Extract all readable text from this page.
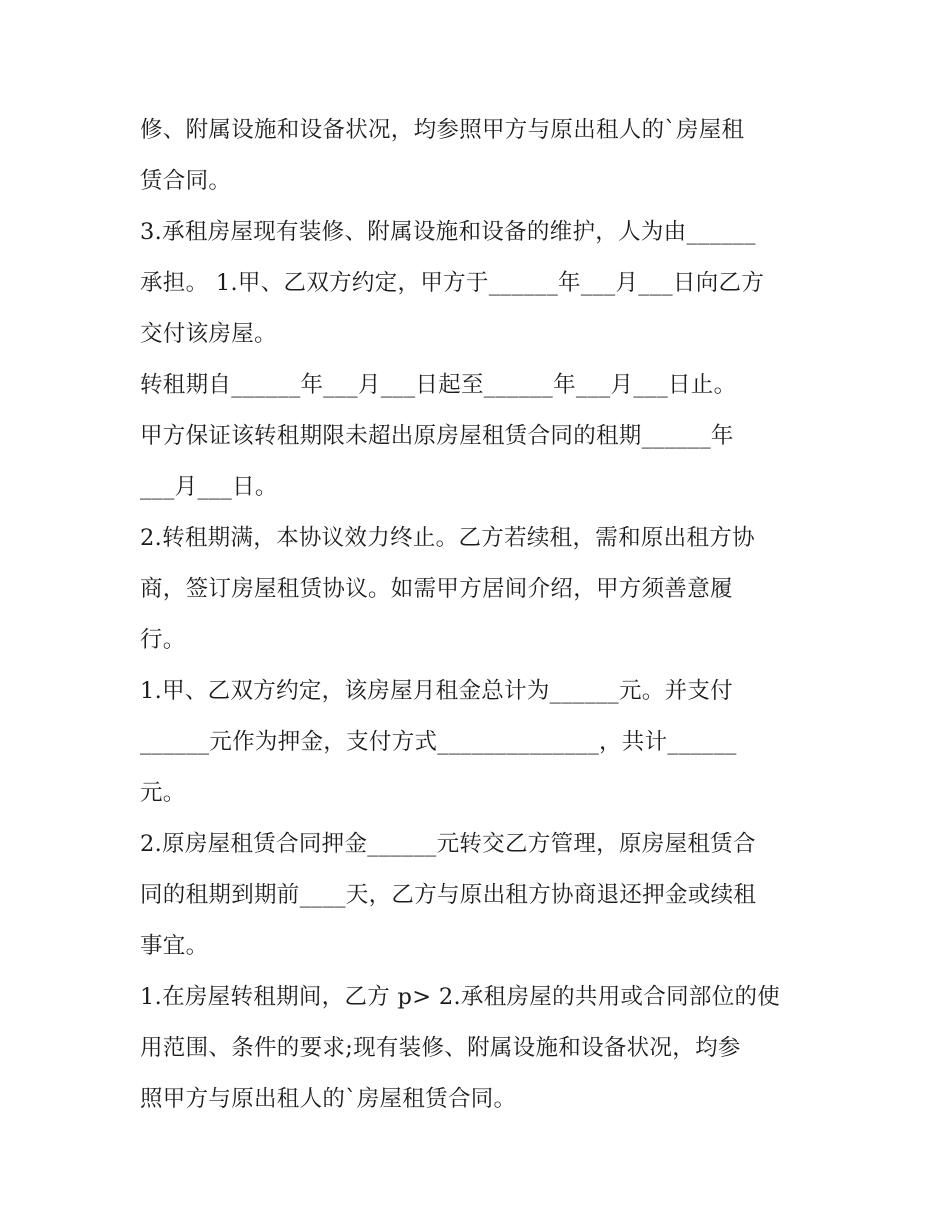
修、附属设施和设备状况，均参照甲方与原出租人的`房屋租
赁合同。
3.承租房屋现有装修、附属设施和设备的维护，人为由______
承担。 1.甲、乙双方约定，甲方于______年___月___日向乙方
交付该房屋。
转租期自______年___月___日起至______年___月___日止。
甲方保证该转租期限未超出原房屋租赁合同的租期______年
___月___日。
2.转租期满，本协议效力终止。乙方若续租，需和原出租方协
商，签订房屋租赁协议。如需甲方居间介绍，甲方须善意履
行。
1.甲、乙双方约定，该房屋月租金总计为______元。并支付
______元作为押金，支付方式______________，共计______
元。
2.原房屋租赁合同押金______元转交乙方管理，原房屋租赁合
同的租期到期前____天，乙方与原出租方协商退还押金或续租
事宜。
1.在房屋转租期间，乙方 p> 2.承租房屋的共用或合同部位的使
用范围、条件的要求;现有装修、附属设施和设备状况，均参
照甲方与原出租人的`房屋租赁合同。
